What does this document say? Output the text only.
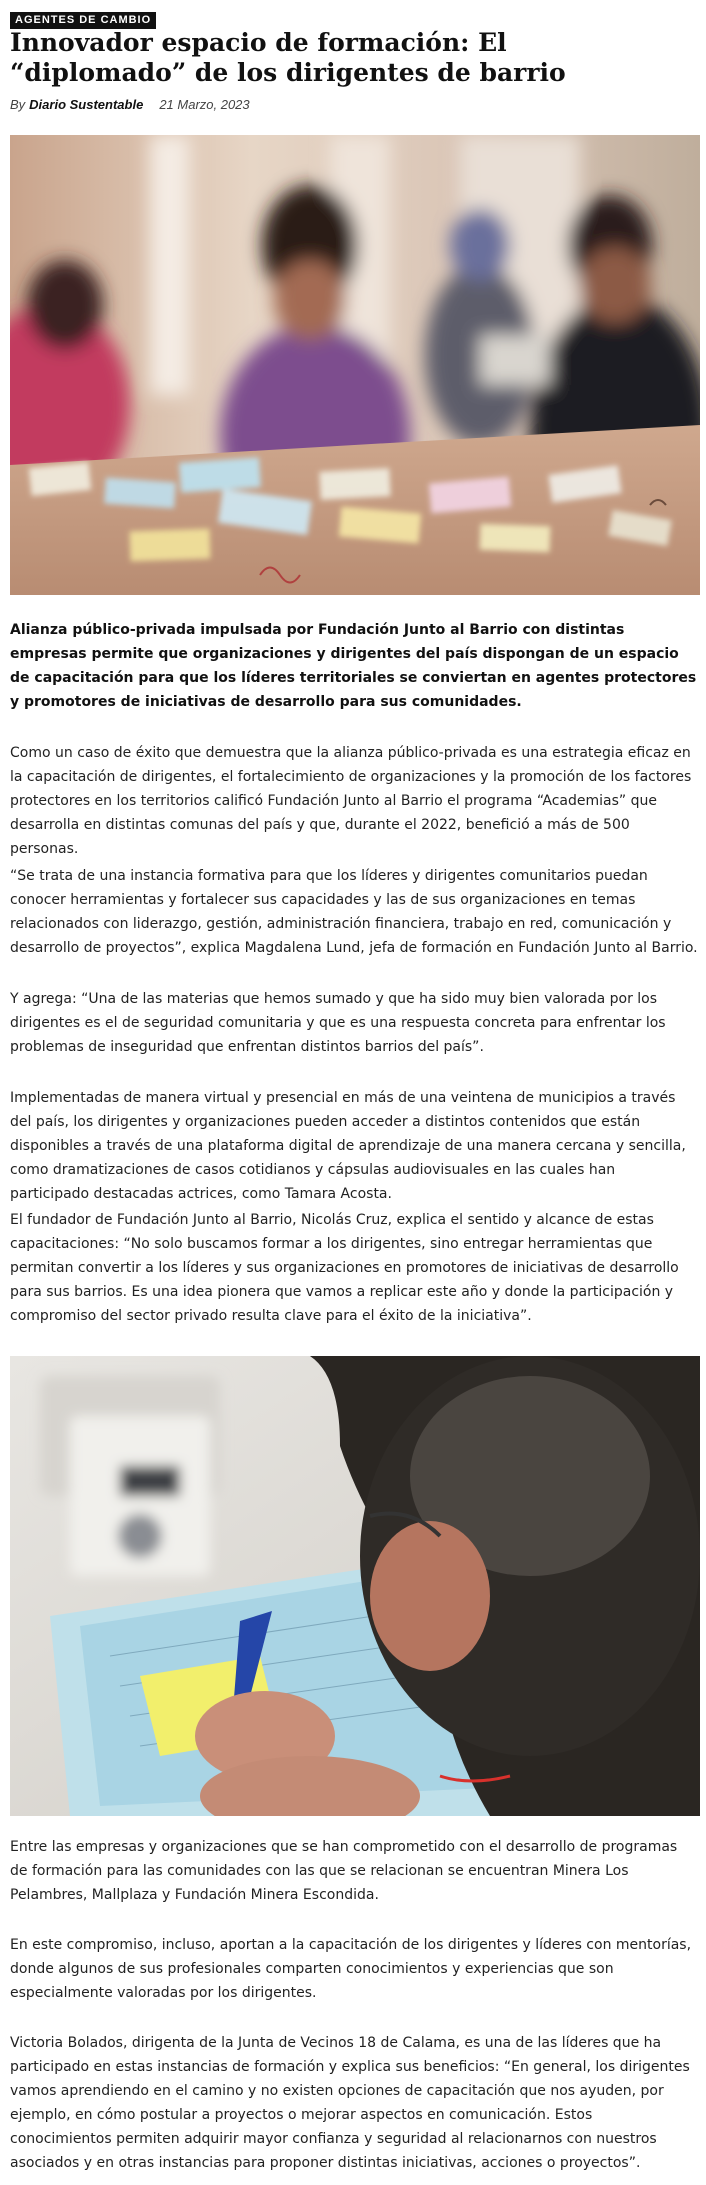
AGENTES DE CAMBIO
Innovador espacio de formación: El “diplomado” de los dirigentes de barrio
By Diario Sustentable 21 Marzo, 2023

Alianza público-privada impulsada por Fundación Junto al Barrio con distintas empresas permite que organizaciones y dirigentes del país dispongan de un espacio de capacitación para que los líderes territoriales se conviertan en agentes protectores y promotores de iniciativas de desarrollo para sus comunidades.

Como un caso de éxito que demuestra que la alianza público-privada es una estrategia eficaz en la capacitación de dirigentes, el fortalecimiento de organizaciones y la promoción de los factores protectores en los territorios calificó Fundación Junto al Barrio el programa “Academias” que desarrolla en distintas comunas del país y que, durante el 2022, benefició a más de 500 personas.

“Se trata de una instancia formativa para que los líderes y dirigentes comunitarios puedan conocer herramientas y fortalecer sus capacidades y las de sus organizaciones en temas relacionados con liderazgo, gestión, administración financiera, trabajo en red, comunicación y desarrollo de proyectos”, explica Magdalena Lund, jefa de formación en Fundación Junto al Barrio.

Y agrega: “Una de las materias que hemos sumado y que ha sido muy bien valorada por los dirigentes es el de seguridad comunitaria y que es una respuesta concreta para enfrentar los problemas de inseguridad que enfrentan distintos barrios del país”.

Implementadas de manera virtual y presencial en más de una veintena de municipios a través del país, los dirigentes y organizaciones pueden acceder a distintos contenidos que están disponibles a través de una plataforma digital de aprendizaje de una manera cercana y sencilla, como dramatizaciones de casos cotidianos y cápsulas audiovisuales en las cuales han participado destacadas actrices, como Tamara Acosta.

El fundador de Fundación Junto al Barrio, Nicolás Cruz, explica el sentido y alcance de estas capacitaciones: “No solo buscamos formar a los dirigentes, sino entregar herramientas que permitan convertir a los líderes y sus organizaciones en promotores de iniciativas de desarrollo para sus barrios. Es una idea pionera que vamos a replicar este año y donde la participación y compromiso del sector privado resulta clave para el éxito de la iniciativa”.

Entre las empresas y organizaciones que se han comprometido con el desarrollo de programas de formación para las comunidades con las que se relacionan se encuentran Minera Los Pelambres, Mallplaza y Fundación Minera Escondida.

En este compromiso, incluso, aportan a la capacitación de los dirigentes y líderes con mentorías, donde algunos de sus profesionales comparten conocimientos y experiencias que son especialmente valoradas por los dirigentes.

Victoria Bolados, dirigenta de la Junta de Vecinos 18 de Calama, es una de las líderes que ha participado en estas instancias de formación y explica sus beneficios: “En general, los dirigentes vamos aprendiendo en el camino y no existen opciones de capacitación que nos ayuden, por ejemplo, en cómo postular a proyectos o mejorar aspectos en comunicación. Estos conocimientos permiten adquirir mayor confianza y seguridad al relacionarnos con nuestros asociados y en otras instancias para proponer distintas iniciativas, acciones o proyectos”.
